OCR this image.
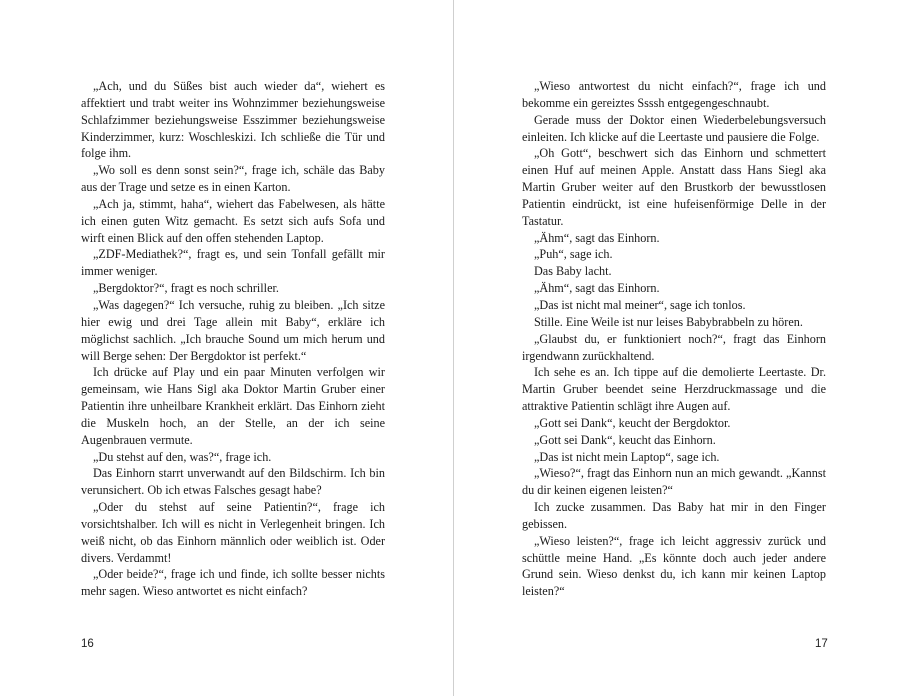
„Ach, und du Süßes bist auch wieder da“, wiehert es affektiert und trabt weiter ins Wohnzimmer beziehungsweise Schlafzimmer beziehungsweise Esszimmer beziehungsweise Kinderzimmer, kurz: Woschleskizi. Ich schließe die Tür und folge ihm.

„Wo soll es denn sonst sein?“, frage ich, schäle das Baby aus der Trage und setze es in einen Karton.

„Ach ja, stimmt, haha“, wiehert das Fabelwesen, als hätte ich einen guten Witz gemacht. Es setzt sich aufs Sofa und wirft einen Blick auf den offen stehenden Laptop.

„ZDF-Mediathek?“, fragt es, und sein Tonfall gefällt mir immer weniger.

„Bergdoktor?“, fragt es noch schriller.

„Was dagegen?“ Ich versuche, ruhig zu bleiben. „Ich sitze hier ewig und drei Tage allein mit Baby“, erkläre ich möglichst sachlich. „Ich brauche Sound um mich herum und will Berge sehen: Der Bergdoktor ist perfekt.“

Ich drücke auf Play und ein paar Minuten verfolgen wir gemeinsam, wie Hans Sigl aka Doktor Martin Gruber einer Patientin ihre unheilbare Krankheit erklärt. Das Einhorn zieht die Muskeln hoch, an der Stelle, an der ich seine Augenbrauen vermute.

„Du stehst auf den, was?“, frage ich.

Das Einhorn starrt unverwandt auf den Bildschirm. Ich bin verunsichert. Ob ich etwas Falsches gesagt habe?

„Oder du stehst auf seine Patientin?“, frage ich vorsichtshalber. Ich will es nicht in Verlegenheit bringen. Ich weiß nicht, ob das Einhorn männlich oder weiblich ist. Oder divers. Verdammt!

„Oder beide?“, frage ich und finde, ich sollte besser nichts mehr sagen. Wieso antwortet es nicht einfach?

16

„Wieso antwortest du nicht einfach?“, frage ich und bekomme ein gereiztes Ssssh entgegengeschnaubt.

Gerade muss der Doktor einen Wiederbelebungsversuch einleiten. Ich klicke auf die Leertaste und pausiere die Folge.

„Oh Gott“, beschwert sich das Einhorn und schmettert einen Huf auf meinen Apple. Anstatt dass Hans Siegl aka Martin Gruber weiter auf den Brustkorb der bewusstlosen Patientin eindrückt, ist eine hufeisenförmige Delle in der Tastatur.

„Ähm“, sagt das Einhorn.

„Puh“, sage ich.

Das Baby lacht.

„Ähm“, sagt das Einhorn.

„Das ist nicht mal meiner“, sage ich tonlos.

Stille. Eine Weile ist nur leises Babybrabbeln zu hören.

„Glaubst du, er funktioniert noch?“, fragt das Einhorn irgendwann zurückhaltend.

Ich sehe es an. Ich tippe auf die demolierte Leertaste. Dr. Martin Gruber beendet seine Herzdruckmassage und die attraktive Patientin schlägt ihre Augen auf.

„Gott sei Dank“, keucht der Bergdoktor.

„Gott sei Dank“, keucht das Einhorn.

„Das ist nicht mein Laptop“, sage ich.

„Wieso?“, fragt das Einhorn nun an mich gewandt. „Kannst du dir keinen eigenen leisten?“

Ich zucke zusammen. Das Baby hat mir in den Finger gebissen.

„Wieso leisten?“, frage ich leicht aggressiv zurück und schüttle meine Hand. „Es könnte doch auch jeder andere Grund sein. Wieso denkst du, ich kann mir keinen Laptop leisten?“

17
